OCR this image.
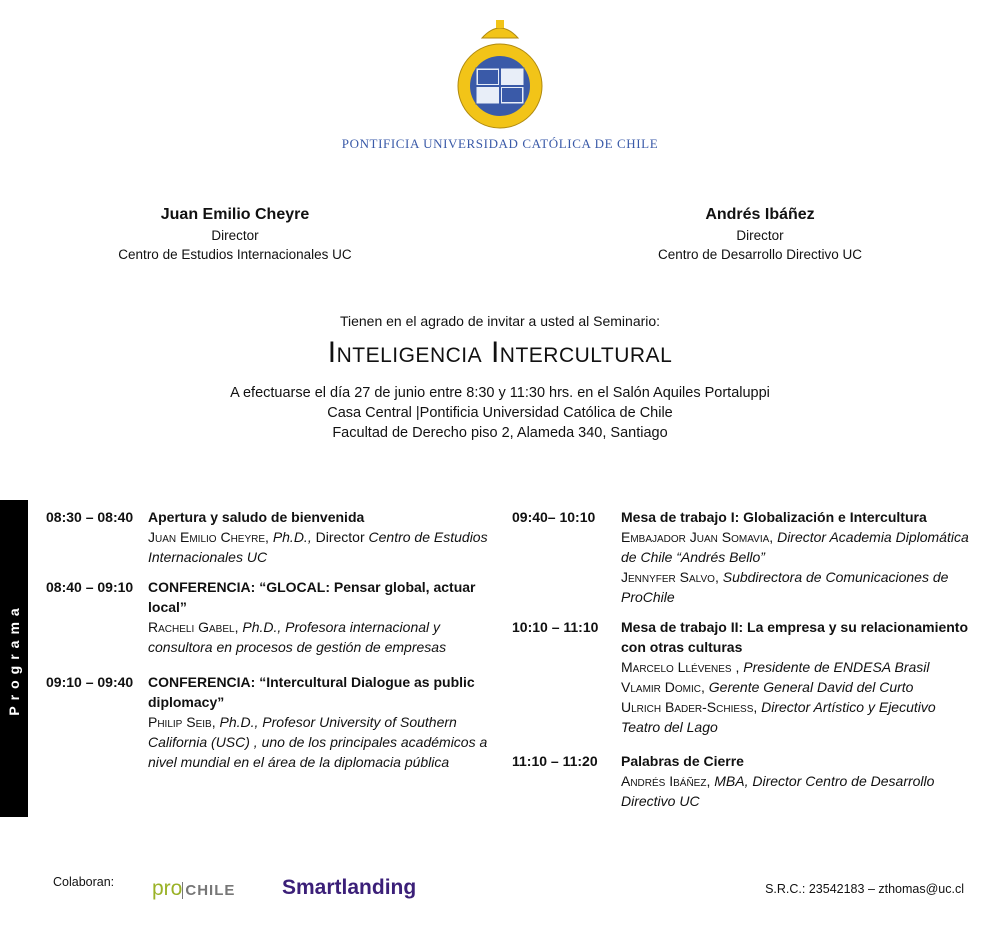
PONTIFICIA UNIVERSIDAD CATÓLICA DE CHILE
Juan Emilio Cheyre
Director
Centro de Estudios Internacionales UC
Andrés Ibáñez
Director
Centro de Desarrollo Directivo UC
Tienen en el agrado de invitar a usted al Seminario:
Inteligencia Intercultural
A efectuarse el día 27 de junio entre 8:30 y 11:30 hrs. en el Salón Aquiles Portaluppi
Casa Central |Pontificia Universidad Católica de Chile
Facultad de Derecho piso 2, Alameda 340, Santiago
Programa
08:30 – 08:40 Apertura y saludo de bienvenida
Juan Emilio Cheyre, Ph.D., Director Centro de Estudios Internacionales UC
08:40 – 09:10 CONFERENCIA: “GLOCAL: Pensar global, actuar local”
Racheli Gabel, Ph.D., Profesora internacional y consultora en procesos de gestión de empresas
09:10 – 09:40 CONFERENCIA: “Intercultural Dialogue as public diplomacy”
Philip Seib, Ph.D., Profesor University of Southern California (USC) , uno de los principales académicos a nivel mundial en el área de la diplomacia pública
09:40– 10:10 Mesa de trabajo I: Globalización e Intercultura
Embajador Juan Somavia, Director Academia Diplomática de Chile “Andrés Bello”
Jennyfer Salvo, Subdirectora de Comunicaciones de ProChile
10:10 – 11:10 Mesa de trabajo II: La empresa y su relacionamiento con otras culturas
Marcelo Llévenes , Presidente de ENDESA Brasil
Vlamir Domic, Gerente General David del Curto
Ulrich Bader-Schiess, Director Artístico y Ejecutivo Teatro del Lago
11:10 – 11:20 Palabras de Cierre
Andrés Ibáñez, MBA, Director Centro de Desarrollo Directivo UC
Colaboran: pro CHILE Smartlanding	S.R.C.: 23542183 – zthomas@uc.cl
